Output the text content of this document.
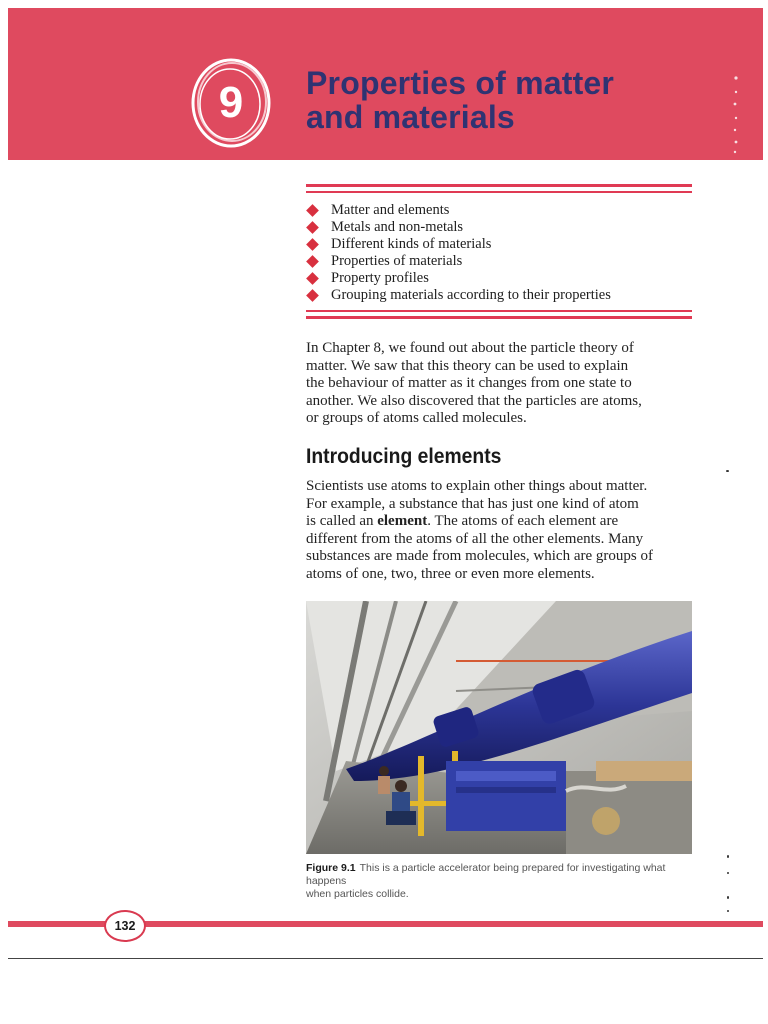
9	Properties of matter
and materials
Matter and elements
Metals and non-metals
Different kinds of materials
Properties of materials
Property profiles
Grouping materials according to their properties

In Chapter 8, we found out about the particle theory of
matter. We saw that this theory can be used to explain
the behaviour of matter as it changes from one state to
another. We also discovered that the particles are atoms,
or groups of atoms called molecules.

Introducing elements

Scientists use atoms to explain other things about matter.
For example, a substance that has just one kind of atom
is called an element. The atoms of each element are
different from the atoms of all the other elements. Many
substances are made from molecules, which are groups of
atoms of one, two, three or even more elements.

Figure 9.1 This is a particle accelerator being prepared for investigating what happens
when particles collide.
132
